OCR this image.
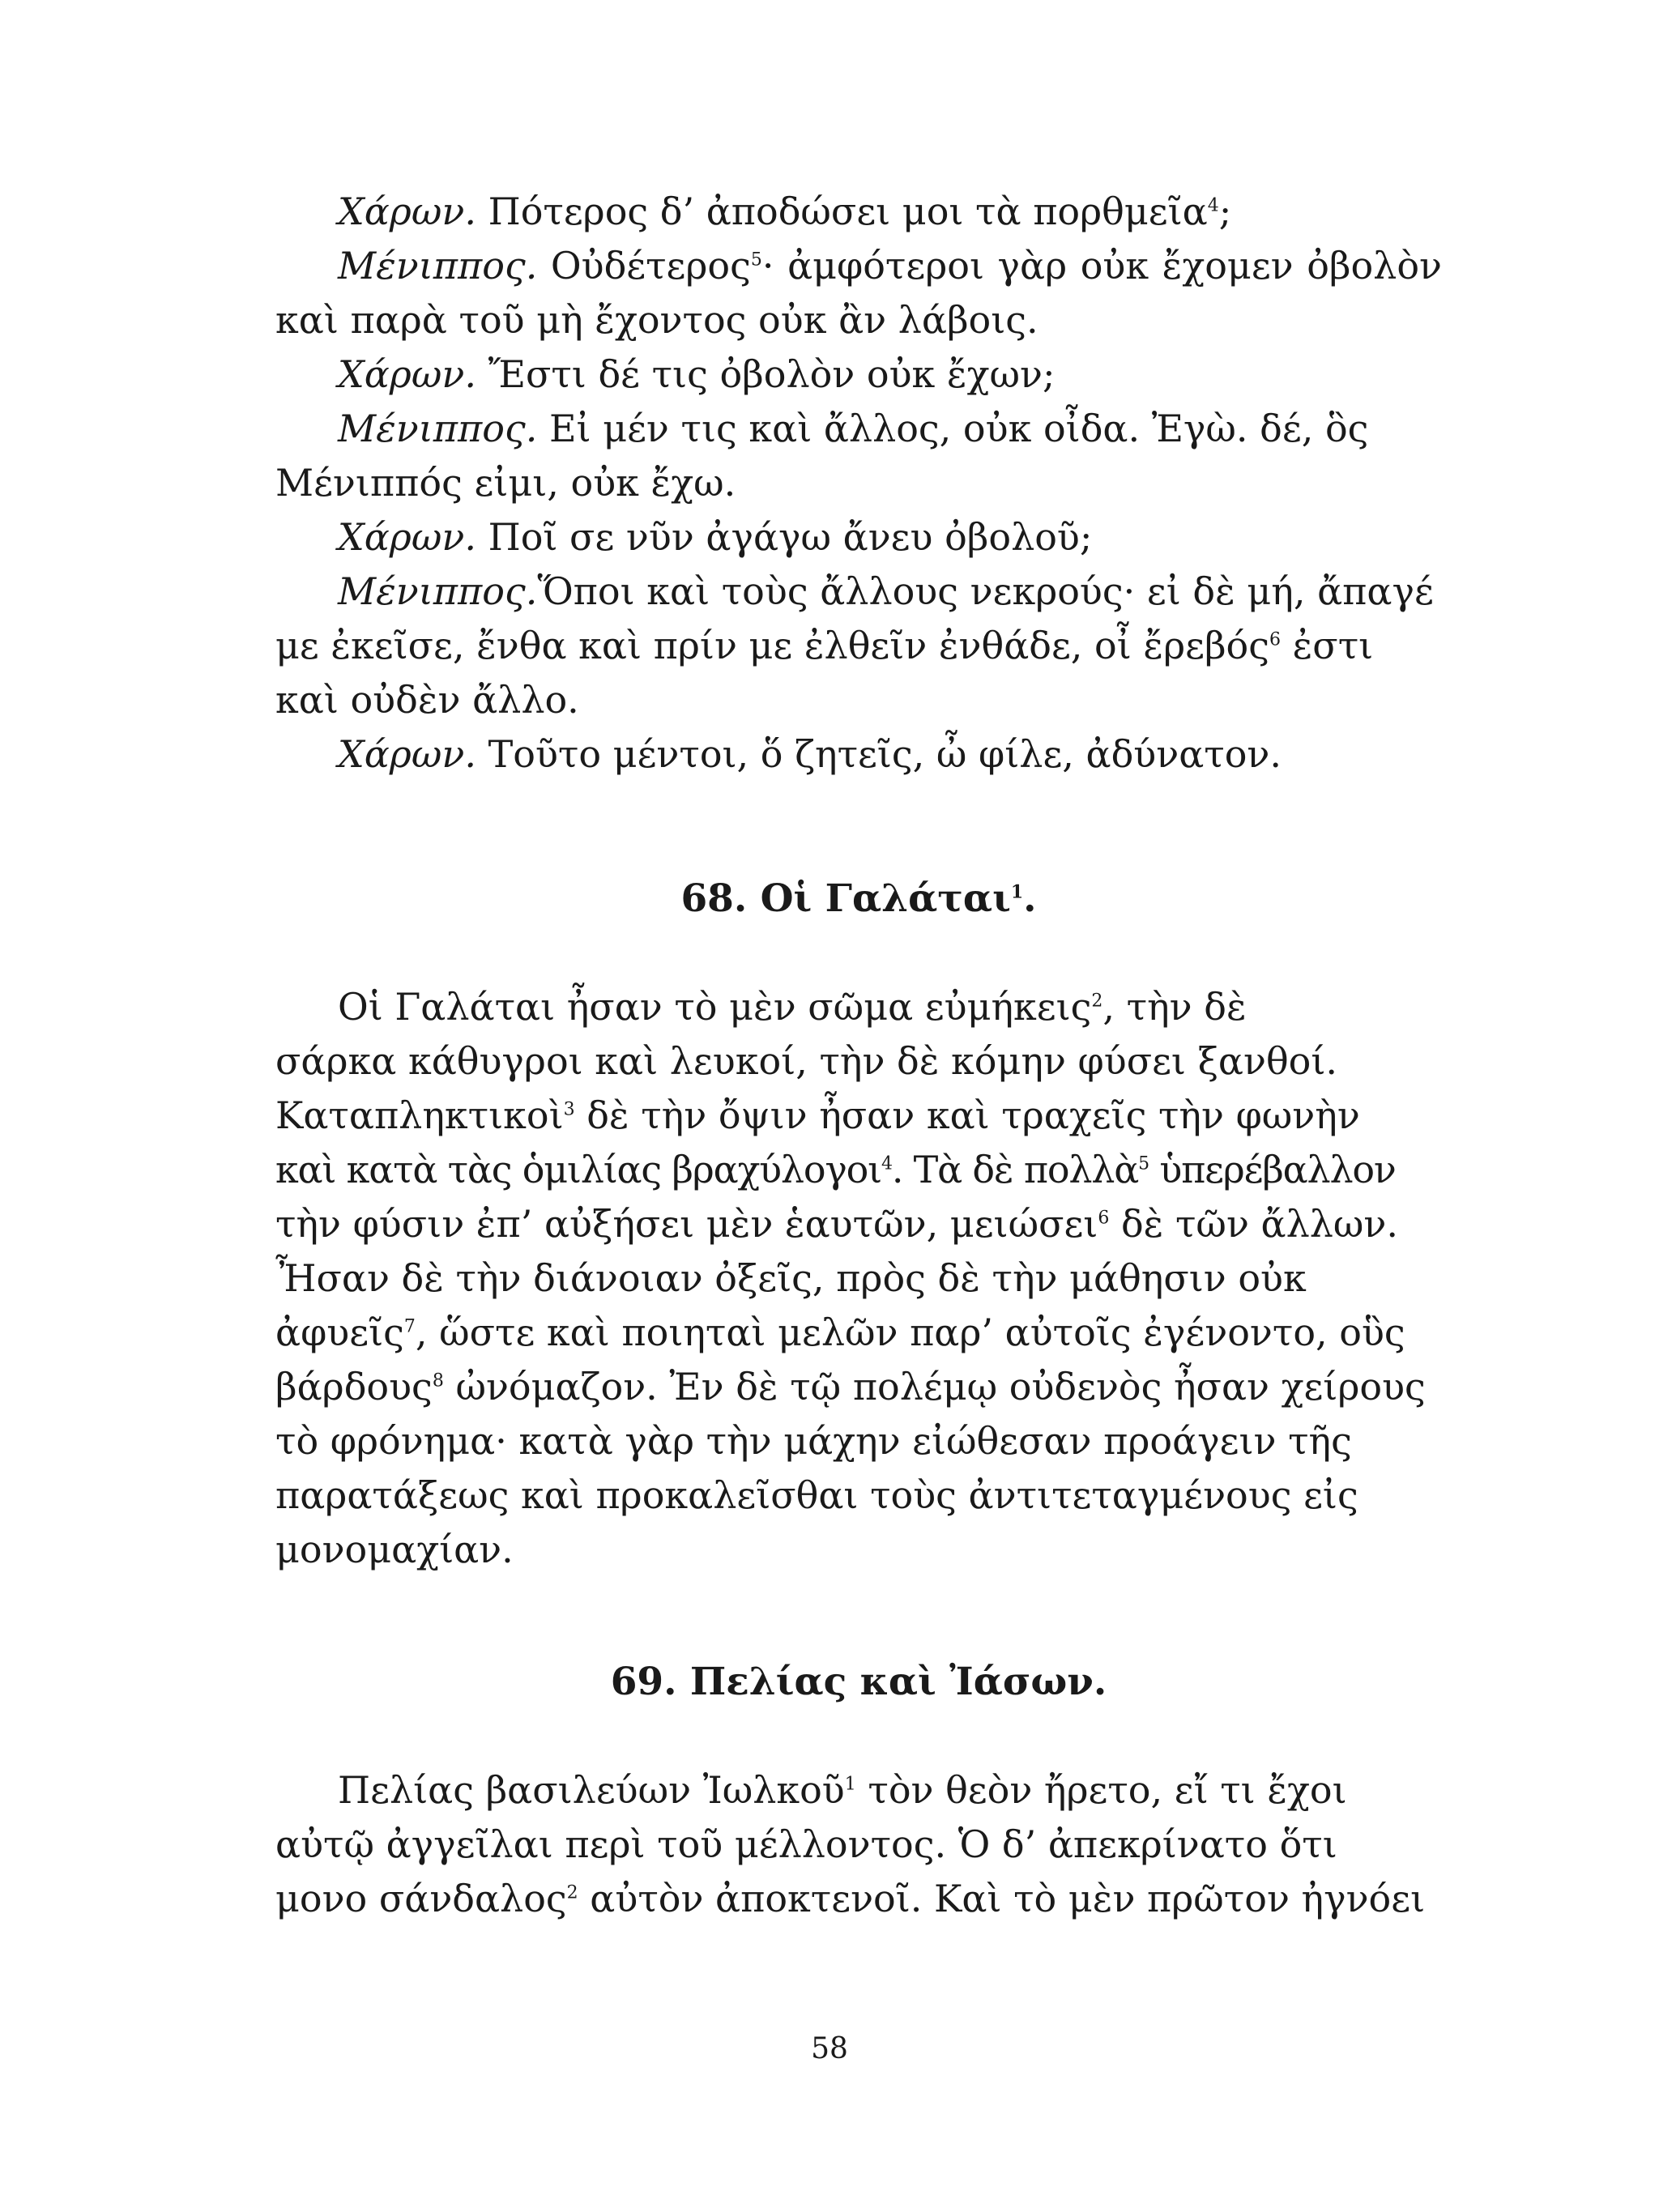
Χάρων. Πότερος δ’ ἀποδώσει μοι τὰ πορθμεῖα$^4$;
Μένιππος. Οὐδέτερος$^5$· ἀμφότεροι γὰρ οὐκ ἔχομεν ὀβολὸν
καὶ παρὰ τοῦ μὴ ἔχοντος οὐκ ἂν λάβοις.
Χάρων. Ἔστι δέ τις ὀβολὸν οὐκ ἔχων;
Μένιππος. Εἰ μέν τις καὶ ἄλλος, οὐκ οἶδα. Ἐγὼ. δέ, ὃς
Μένιππός εἰμι, οὐκ ἔχω.
Χάρων. Ποῖ σε νῦν ἀγάγω ἄνευ ὀβολοῦ;
Μένιππος.Ὅποι καὶ τοὺς ἄλλους νεκρούς· εἰ δὲ μή, ἄπαγέ
με ἐκεῖσε, ἔνθα καὶ πρίν με ἐλθεῖν ἐνθάδε, οἶ ἔρεβός$^6$ ἐστι
καὶ οὐδὲν ἄλλο.
Χάρων. Τοῦτο μέντοι, ὅ ζητεῖς, ὦ φίλε, ἀδύνατον.
68. Οἱ Γαλάται$^1$.
Οἱ Γαλάται ἦσαν τὸ μὲν σῶμα εὐμήκεις$^2$, τὴν δὲ
σάρκα κάθυγροι καὶ λευκοί, τὴν δὲ κόμην φύσει ξανθοί.
Καταπληκτικοὶ$^3$ δὲ τὴν ὄψιν ἦσαν καὶ τραχεῖς τὴν φωνὴν
καὶ κατὰ τὰς ὁμιλίας βραχύλογοι$^4$. Τὰ δὲ πολλὰ$^5$ ὑπερέβαλλον
τὴν φύσιν ἐπ’ αὐξήσει μὲν ἑαυτῶν, μειώσει$^6$ δὲ τῶν ἄλλων.
Ἦσαν δὲ τὴν διάνοιαν ὀξεῖς, πρὸς δὲ τὴν μάθησιν οὐκ
ἀφυεῖς$^7$, ὥστε καὶ ποιηταὶ μελῶν παρ’ αὐτοῖς ἐγένοντο, οὓς
βάρδους$^8$ ὠνόμαζον. Ἐν δὲ τῷ πολέμῳ οὐδενὸς ἦσαν χείρους
τὸ φρόνημα· κατὰ γὰρ τὴν μάχην εἰώθεσαν προάγειν τῆς
παρατάξεως καὶ προκαλεῖσθαι τοὺς ἀντιτεταγμένους εἰς
μονομαχίαν.
69. Πελίας καὶ Ἰάσων.
Πελίας βασιλεύων Ἰωλκοῦ$^1$ τὸν θεὸν ἤρετο, εἴ τι ἔχοι
αὐτῷ ἀγγεῖλαι περὶ τοῦ μέλλοντος. Ὁ δ’ ἀπεκρίνατο ὅτι
μονο σάνδαλος$^2$ αὐτὸν ἀποκτενοῖ. Καὶ τὸ μὲν πρῶτον ἠγνόει
58
